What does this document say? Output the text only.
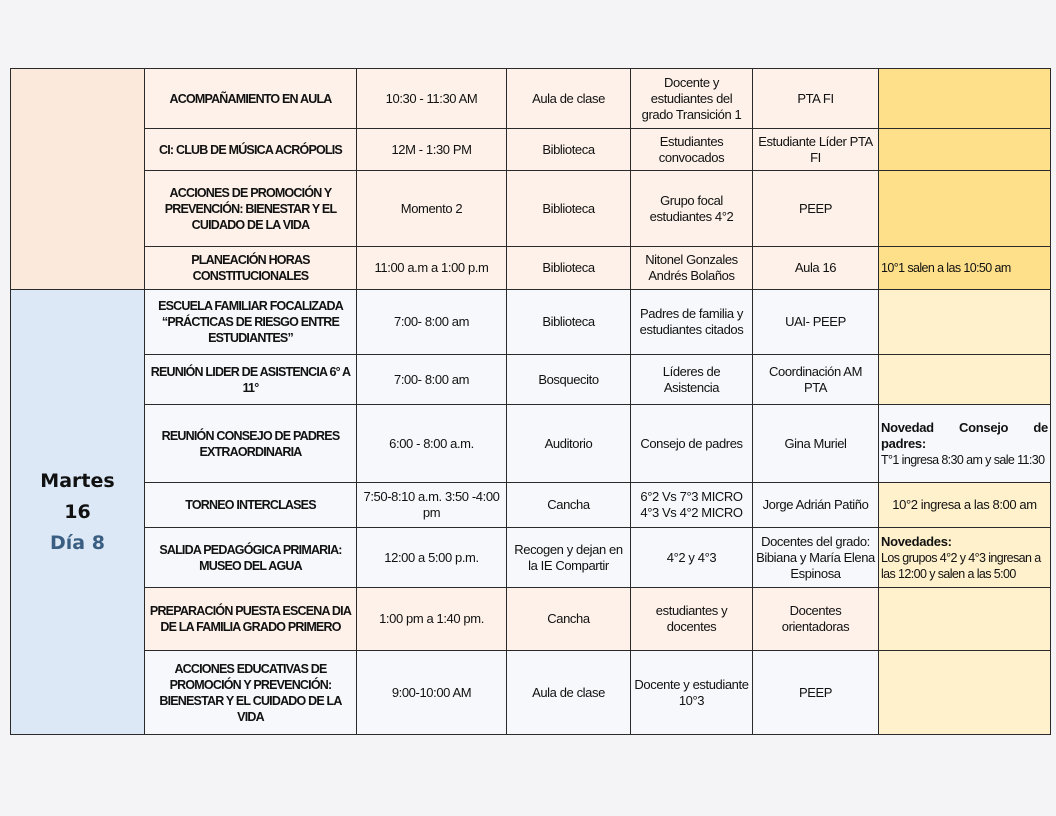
	ACOMPAÑAMIENTO EN AULA	10:30 - 11:30 AM	Aula de clase	Docente y estudiantes del grado Transición 1	PTA FI	
	CI: CLUB DE MÚSICA ACRÓPOLIS	12M - 1:30 PM	Biblioteca	Estudiantes convocados	Estudiante Líder PTA FI	
	ACCIONES DE PROMOCIÓN Y PREVENCIÓN: BIENESTAR Y EL CUIDADO DE LA VIDA	Momento 2	Biblioteca	Grupo focal estudiantes 4°2	PEEP	
	PLANEACIÓN HORAS CONSTITUCIONALES	11:00 a.m a 1:00 p.m	Biblioteca	Nitonel Gonzales Andrés Bolaños	Aula 16	10°1 salen a las 10:50 am

Martes
16
Día 8	ESCUELA FAMILIAR FOCALIZADA “PRÁCTICAS DE RIESGO ENTRE ESTUDIANTES”	7:00- 8:00 am	Biblioteca	Padres de familia y estudiantes citados	UAI- PEEP	
	REUNIÓN LIDER DE ASISTENCIA 6° A 11°	7:00- 8:00 am	Bosquecito	Líderes de Asistencia	Coordinación AM PTA	
	REUNIÓN CONSEJO DE PADRES EXTRAORDINARIA	6:00 - 8:00 a.m.	Auditorio	Consejo de padres	Gina Muriel	Novedad Consejo de padres:
T°1 ingresa 8:30 am y sale 11:30
	TORNEO INTERCLASES	7:50-8:10 a.m. 3:50 -4:00 pm	Cancha	6°2 Vs 7°3 MICRO 4°3 Vs 4°2 MICRO	Jorge Adrián Patiño	10°2 ingresa a las 8:00 am
	SALIDA PEDAGÓGICA PRIMARIA: MUSEO DEL AGUA	12:00 a 5:00 p.m.	Recogen y dejan en la IE Compartir	4°2 y 4°3	Docentes del grado: Bibiana y María Elena Espinosa	Novedades:
Los grupos 4°2 y 4°3 ingresan a las 12:00 y salen a las 5:00
	PREPARACIÓN PUESTA ESCENA DIA DE LA FAMILIA GRADO PRIMERO	1:00 pm a 1:40 pm.	Cancha	estudiantes y docentes	Docentes orientadoras	
	ACCIONES EDUCATIVAS DE PROMOCIÓN Y PREVENCIÓN: BIENESTAR Y EL CUIDADO DE LA VIDA	9:00-10:00 AM	Aula de clase	Docente y estudiante 10°3	PEEP	
